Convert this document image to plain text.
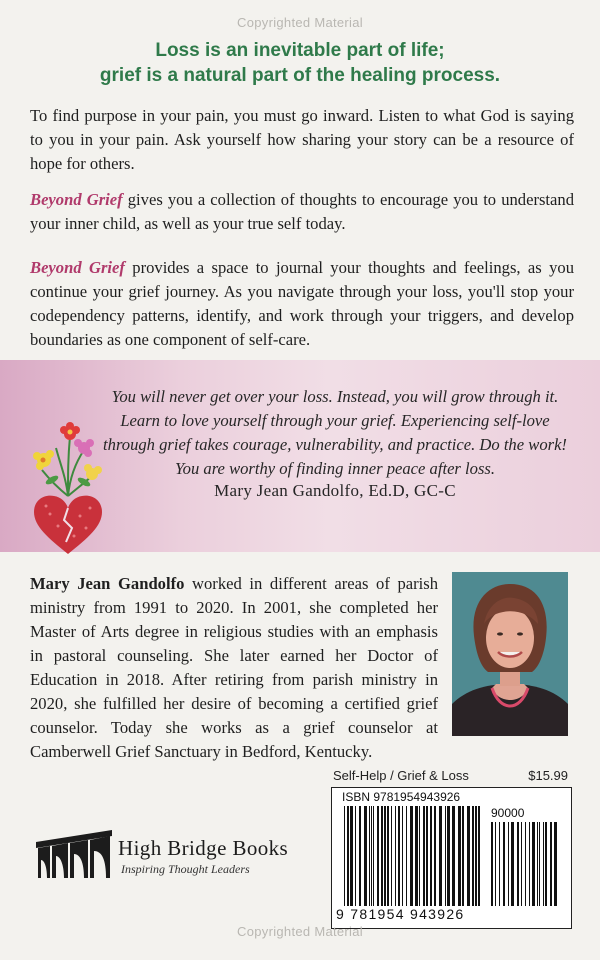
Copyrighted Material
Loss is an inevitable part of life;
grief is a natural part of the healing process.

To find purpose in your pain, you must go inward. Listen to what God is saying to you in your pain. Ask yourself how sharing your story can be a resource of hope for others.

Beyond Grief gives you a collection of thoughts to encourage you to understand your inner child, as well as your true self today.

Beyond Grief provides a space to journal your thoughts and feelings, as you continue your grief journey. As you navigate through your loss, you'll stop your codependency patterns, identify, and work through your triggers, and develop boundaries as one component of self-care.

You will never get over your loss. Instead, you will grow through it. Learn to love yourself through your grief. Experiencing self-love through grief takes courage, vulnerability, and practice. Do the work! You are worthy of finding inner peace after loss.

Mary Jean Gandolfo, Ed.D, GC-C

Mary Jean Gandolfo worked in different areas of parish ministry from 1991 to 2020. In 2001, she completed her Master of Arts degree in religious studies with an emphasis in pastoral counseling. She later earned her Doctor of Education in 2018. After retiring from parish ministry in 2020, she fulfilled her desire of becoming a certified grief counselor. Today she works as a grief counselor at Camberwell Grief Sanctuary in Bedford, Kentucky.

Self-Help / Grief & Loss	$15.99
ISBN 9781954943926
90000
9 781954 943926
High Bridge Books
Inspiring Thought Leaders
Copyrighted Material
